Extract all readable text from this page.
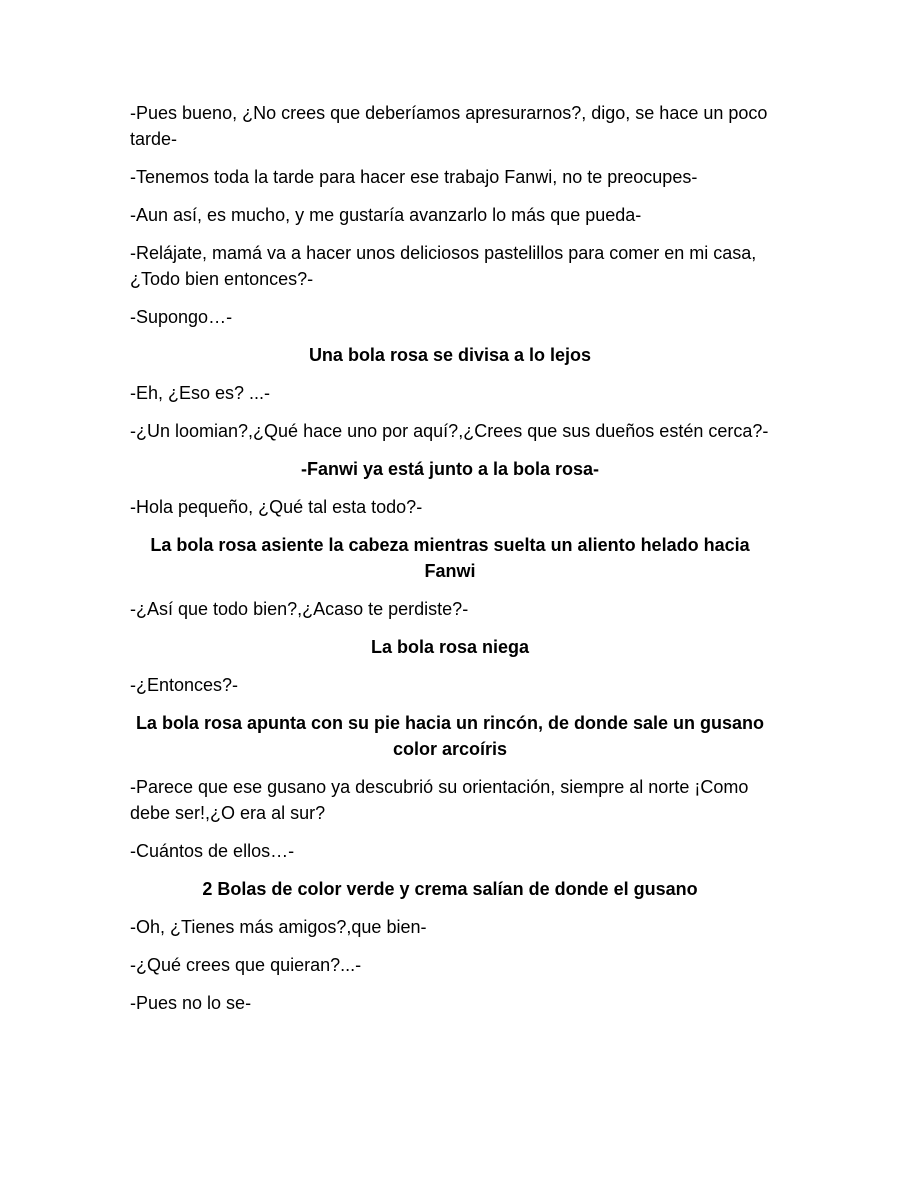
-Pues bueno, ¿No crees que deberíamos apresurarnos?, digo, se hace un poco tarde-

-Tenemos toda la tarde para hacer ese trabajo Fanwi, no te preocupes-

-Aun así, es mucho, y me gustaría avanzarlo lo más que pueda-

-Relájate, mamá va a hacer unos deliciosos pastelillos para comer en mi casa, ¿Todo bien entonces?-

-Supongo…-

Una bola rosa se divisa a lo lejos

-Eh, ¿Eso es? ...-

-¿Un loomian?,¿Qué hace uno por aquí?,¿Crees que sus dueños estén cerca?-

-Fanwi ya está junto a la bola rosa-

-Hola pequeño, ¿Qué tal esta todo?-

La bola rosa asiente la cabeza mientras suelta un aliento helado hacia Fanwi

-¿Así que todo bien?,¿Acaso te perdiste?-

La bola rosa niega

-¿Entonces?-

La bola rosa apunta con su pie hacia un rincón, de donde sale un gusano color arcoíris

-Parece que ese gusano ya descubrió su orientación, siempre al norte ¡Como debe ser!,¿O era al sur?

-Cuántos de ellos…-

2 Bolas de color verde y crema salían de donde el gusano

-Oh, ¿Tienes más amigos?,que bien-

-¿Qué crees que quieran?...-

-Pues no lo se-
